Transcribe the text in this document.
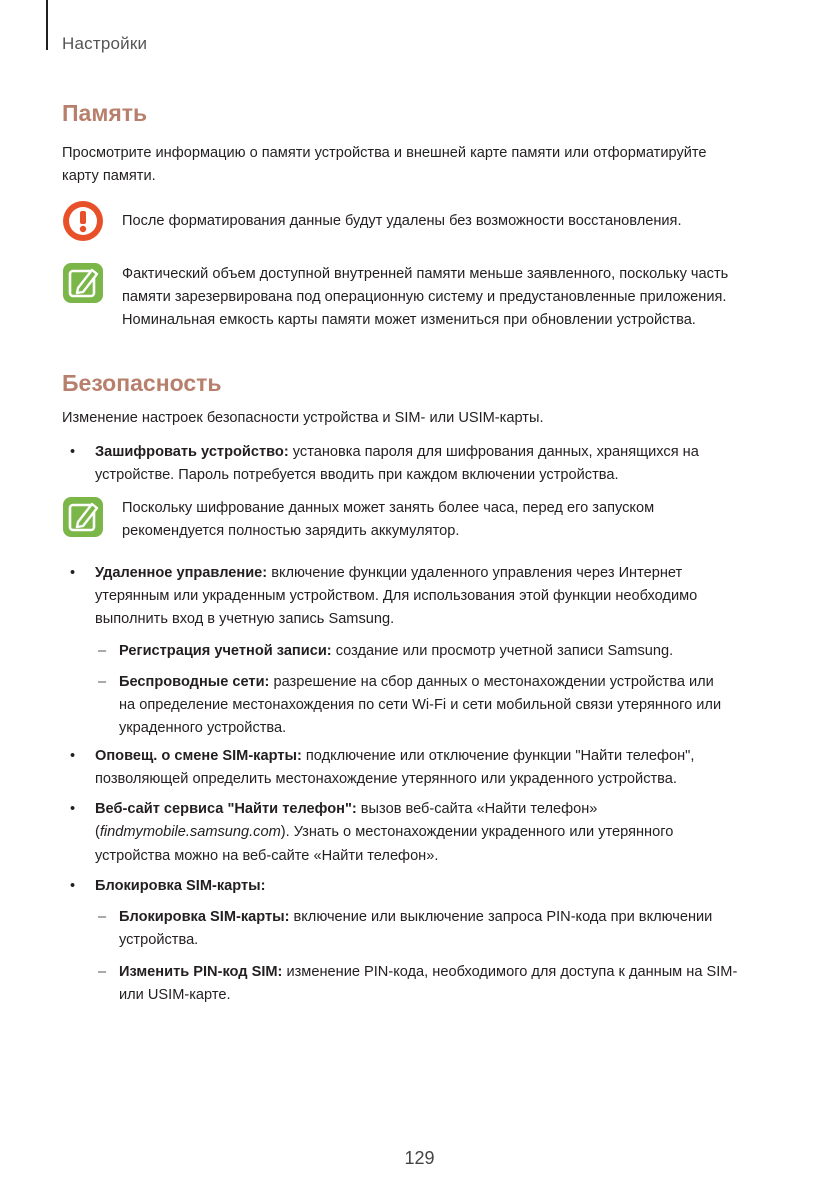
Настройки
Память
Просмотрите информацию о памяти устройства и внешней карте памяти или отформатируйте
карту памяти.
После форматирования данные будут удалены без возможности восстановления.
Фактический объем доступной внутренней памяти меньше заявленного, поскольку часть
памяти зарезервирована под операционную систему и предустановленные приложения.
Номинальная емкость карты памяти может измениться при обновлении устройства.
Безопасность
Изменение настроек безопасности устройства и SIM- или USIM-карты.
• Зашифровать устройство: установка пароля для шифрования данных, хранящихся на
устройстве. Пароль потребуется вводить при каждом включении устройства.
Поскольку шифрование данных может занять более часа, перед его запуском
рекомендуется полностью зарядить аккумулятор.
• Удаленное управление: включение функции удаленного управления через Интернет
утерянным или украденным устройством. Для использования этой функции необходимо
выполнить вход в учетную запись Samsung.
– Регистрация учетной записи: создание или просмотр учетной записи Samsung.
– Беспроводные сети: разрешение на сбор данных о местонахождении устройства или
на определение местонахождения по сети Wi-Fi и сети мобильной связи утерянного или
украденного устройства.
• Оповещ. о смене SIM-карты: подключение или отключение функции "Найти телефон",
позволяющей определить местонахождение утерянного или украденного устройства.
• Веб-сайт сервиса "Найти телефон": вызов веб-сайта «Найти телефон»
(findmymobile.samsung.com). Узнать о местонахождении украденного или утерянного
устройства можно на веб-сайте «Найти телефон».
• Блокировка SIM-карты:
– Блокировка SIM-карты: включение или выключение запроса PIN-кода при включении
устройства.
– Изменить PIN-код SIM: изменение PIN-кода, необходимого для доступа к данным на SIM-
или USIM-карте.
129
